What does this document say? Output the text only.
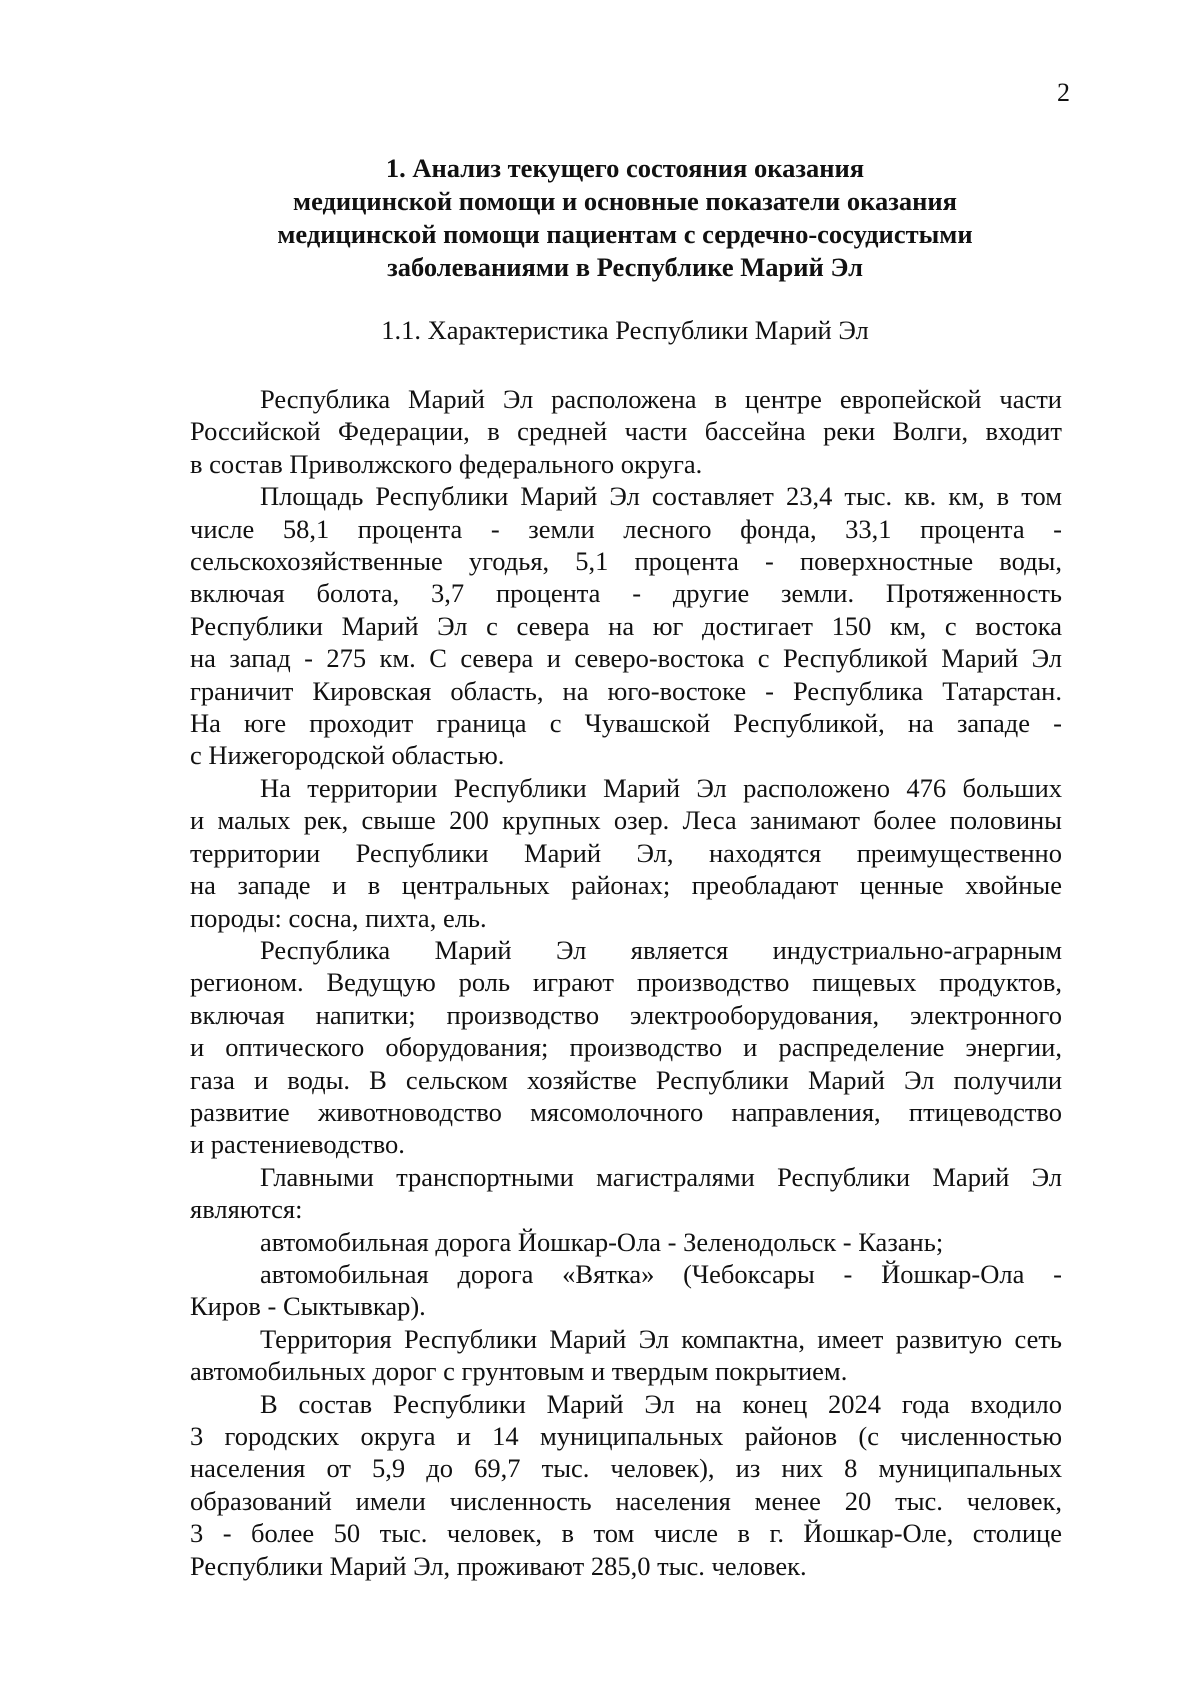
2
1. Анализ текущего состояния оказания
медицинской помощи и основные показатели оказания
медицинской помощи пациентам с сердечно-сосудистыми
заболеваниями в Республике Марий Эл
1.1. Характеристика Республики Марий Эл
Республика Марий Эл расположена в центре европейской части
Российской Федерации, в средней части бассейна реки Волги, входит
в состав Приволжского федерального округа.
Площадь Республики Марий Эл составляет 23,4 тыс. кв. км, в том
числе 58,1 процента - земли лесного фонда, 33,1 процента -
сельскохозяйственные угодья, 5,1 процента - поверхностные воды,
включая болота, 3,7 процента - другие земли. Протяженность
Республики Марий Эл с севера на юг достигает 150 км, с востока
на запад - 275 км. С севера и северо-востока с Республикой Марий Эл
граничит Кировская область, на юго-востоке - Республика Татарстан.
На юге проходит граница с Чувашской Республикой, на западе -
с Нижегородской областью.
На территории Республики Марий Эл расположено 476 больших
и малых рек, свыше 200 крупных озер. Леса занимают более половины
территории Республики Марий Эл, находятся преимущественно
на западе и в центральных районах; преобладают ценные хвойные
породы: сосна, пихта, ель.
Республика Марий Эл является индустриально-аграрным
регионом. Ведущую роль играют производство пищевых продуктов,
включая напитки; производство электрооборудования, электронного
и оптического оборудования; производство и распределение энергии,
газа и воды. В сельском хозяйстве Республики Марий Эл получили
развитие животноводство мясомолочного направления, птицеводство
и растениеводство.
Главными транспортными магистралями Республики Марий Эл
являются:
автомобильная дорога Йошкар-Ола - Зеленодольск - Казань;
автомобильная дорога «Вятка» (Чебоксары - Йошкар-Ола -
Киров - Сыктывкар).
Территория Республики Марий Эл компактна, имеет развитую сеть
автомобильных дорог с грунтовым и твердым покрытием.
В состав Республики Марий Эл на конец 2024 года входило
3 городских округа и 14 муниципальных районов (с численностью
населения от 5,9 до 69,7 тыс. человек), из них 8 муниципальных
образований имели численность населения менее 20 тыс. человек,
3 - более 50 тыс. человек, в том числе в г. Йошкар-Оле, столице
Республики Марий Эл, проживают 285,0 тыс. человек.
